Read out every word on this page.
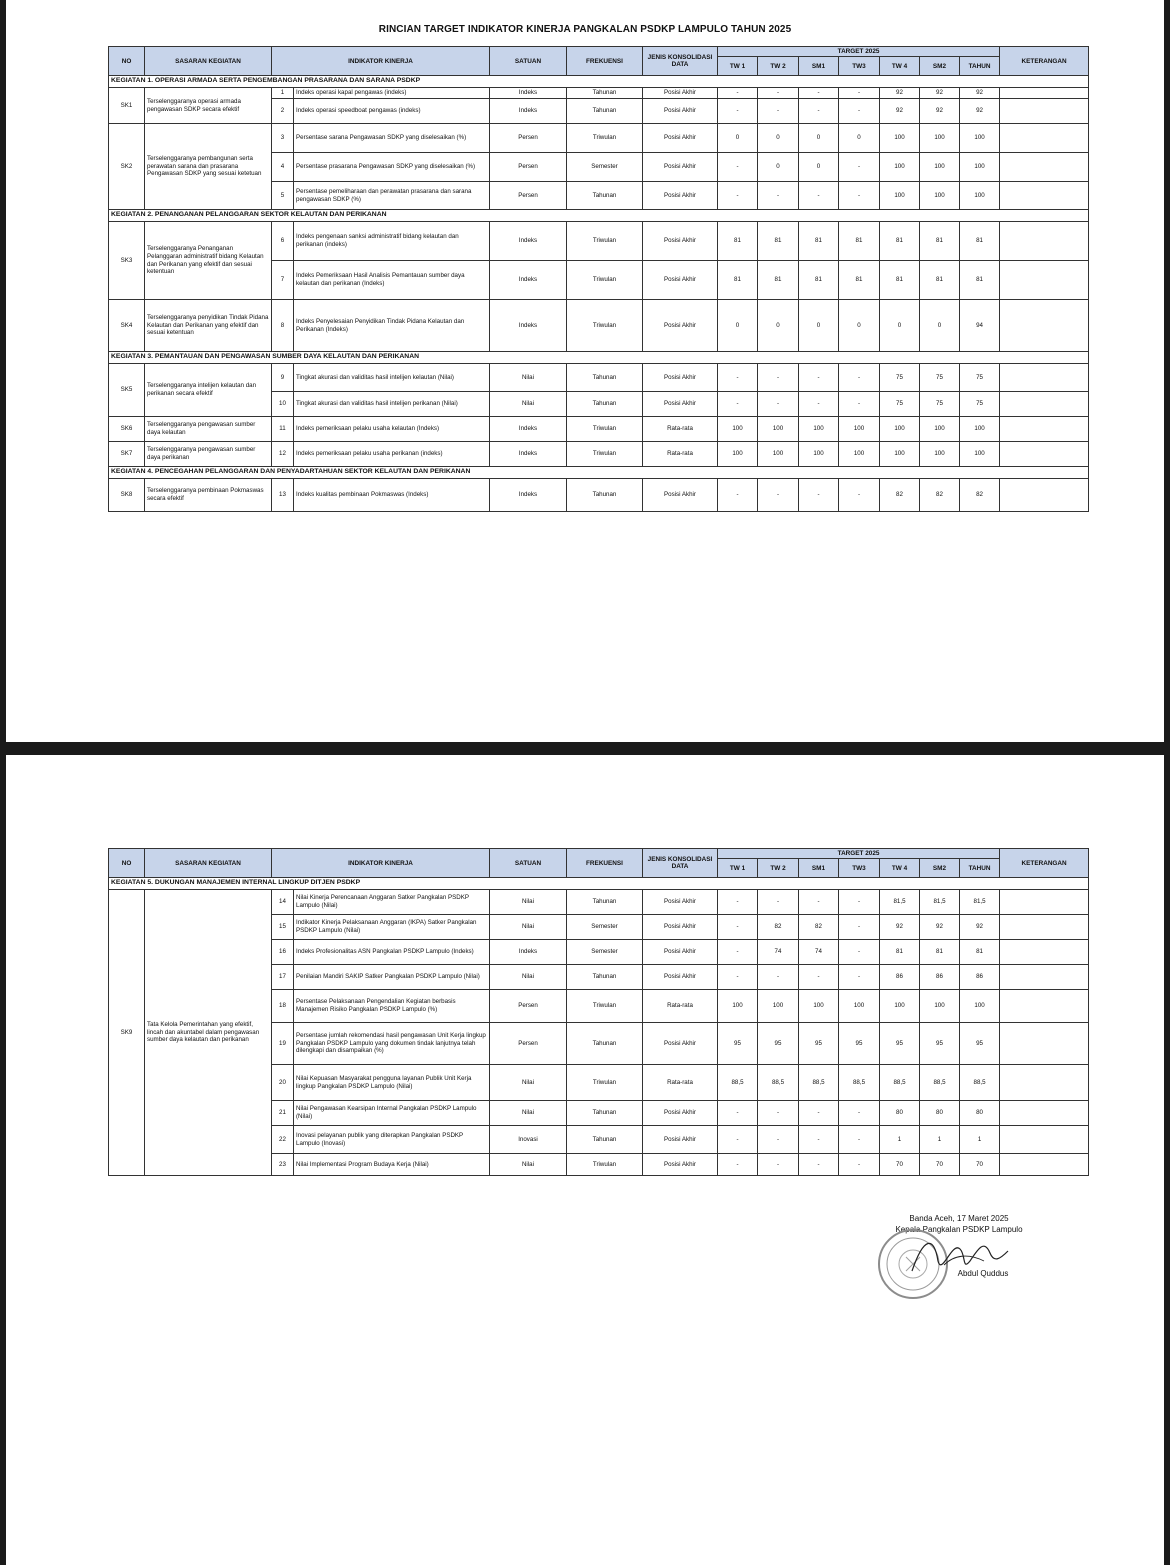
RINCIAN TARGET INDIKATOR KINERJA PANGKALAN PSDKP LAMPULO TAHUN 2025
NO	SASARAN KEGIATAN	INDIKATOR KINERJA		SATUAN	FREKUENSI	JENIS KONSOLIDASI DATA	TARGET 2025							KETERANGAN
							TW 1	TW 2	SM1	TW3	TW 4	SM2	TAHUN	
KEGIATAN 1. OPERASI ARMADA SERTA PENGEMBANGAN PRASARANA DAN SARANA PSDKP														
SK1	Terselenggaranya operasi armada pengawasan SDKP secara efektif	1	Indeks operasi kapal pengawas (indeks)	Indeks	Tahunan	Posisi Akhir	-	-	-	-	92	92	92	
		2	Indeks operasi speedboat pengawas (indeks)	Indeks	Tahunan	Posisi Akhir	-	-	-	-	92	92	92	
SK2	Terselenggaranya pembangunan serta perawatan sarana dan prasarana Pengawasan SDKP yang sesuai ketetuan	3	Persentase sarana Pengawasan SDKP yang diselesaikan (%)	Persen	Triwulan	Posisi Akhir	0	0	0	0	100	100	100	
		4	Persentase prasarana Pengawasan SDKP yang diselesaikan (%)	Persen	Semester	Posisi Akhir	-	0	0	-	100	100	100	
		5	Persentase pemeliharaan dan perawatan prasarana dan sarana pengawasan SDKP (%)	Persen	Tahunan	Posisi Akhir	-	-	-	-	100	100	100	
KEGIATAN 2. PENANGANAN PELANGGARAN SEKTOR KELAUTAN DAN PERIKANAN														
SK3	Terselenggaranya Penanganan Pelanggaran administratif bidang Kelautan dan Perikanan yang efektif dan sesuai ketentuan	6	Indeks pengenaan sanksi administratif bidang kelautan dan perikanan (indeks)	Indeks	Triwulan	Posisi Akhir	81	81	81	81	81	81	81	
		7	Indeks Pemeriksaan Hasil Analisis Pemantauan sumber daya kelautan dan perikanan (Indeks)	Indeks	Triwulan	Posisi Akhir	81	81	81	81	81	81	81	
SK4	Terselenggaranya penyidikan Tindak Pidana Kelautan dan Perikanan yang efektif dan sesuai ketentuan	8	Indeks Penyelesaian Penyidikan Tindak Pidana Kelautan dan Perikanan (Indeks)	Indeks	Triwulan	Posisi Akhir	0	0	0	0	0	0	94	
KEGIATAN 3. PEMANTAUAN DAN PENGAWASAN SUMBER DAYA KELAUTAN DAN PERIKANAN														
SK5	Terselenggaranya intelijen kelautan dan perikanan secara efektif	9	Tingkat akurasi dan validitas hasil intelijen kelautan (Nilai)	Nilai	Tahunan	Posisi Akhir	-	-	-	-	75	75	75	
		10	Tingkat akurasi dan validitas hasil intelijen perikanan (Nilai)	Nilai	Tahunan	Posisi Akhir	-	-	-	-	75	75	75	
SK6	Terselenggaranya pengawasan sumber daya kelautan	11	Indeks pemeriksaan pelaku usaha kelautan (Indeks)	Indeks	Triwulan	Rata-rata	100	100	100	100	100	100	100	
SK7	Terselenggaranya pengawasan sumber daya perikanan	12	Indeks pemeriksaan pelaku usaha perikanan (indeks)	Indeks	Triwulan	Rata-rata	100	100	100	100	100	100	100	
KEGIATAN 4. PENCEGAHAN PELANGGARAN DAN PENYADARTAHUAN SEKTOR KELAUTAN DAN PERIKANAN														
SK8	Terselenggaranya pembinaan Pokmaswas secara efektif	13	Indeks kualitas pembinaan Pokmaswas (Indeks)	Indeks	Tahunan	Posisi Akhir	-	-	-	-	82	82	82	
NO	SASARAN KEGIATAN	INDIKATOR KINERJA		SATUAN	FREKUENSI	JENIS KONSOLIDASI DATA	TARGET 2025							KETERANGAN
							TW 1	TW 2	SM1	TW3	TW 4	SM2	TAHUN	
KEGIATAN 5. DUKUNGAN MANAJEMEN INTERNAL LINGKUP DITJEN PSDKP														
SK9	Tata Kelola Pemerintahan yang efektif, lincah dan akuntabel dalam pengawasan sumber daya kelautan dan perikanan	14	Nilai Kinerja Perencanaan Anggaran Satker Pangkalan PSDKP Lampulo (Nilai)	Nilai	Tahunan	Posisi Akhir	-	-	-	-	81,5	81,5	81,5	
		15	Indikator Kinerja Pelaksanaan Anggaran (IKPA) Satker Pangkalan PSDKP Lampulo (Nilai)	Nilai	Semester	Posisi Akhir	-	82	82	-	92	92	92	
		16	Indeks Profesionalitas ASN Pangkalan PSDKP Lampulo (Indeks)	Indeks	Semester	Posisi Akhir	-	74	74	-	81	81	81	
		17	Penilaian Mandiri SAKIP Satker Pangkalan PSDKP Lampulo (Nilai)	Nilai	Tahunan	Posisi Akhir	-	-	-	-	86	86	86	
		18	Persentase Pelaksanaan Pengendalian Kegiatan berbasis Manajemen Risiko Pangkalan PSDKP Lampulo (%)	Persen	Triwulan	Rata-rata	100	100	100	100	100	100	100	
		19	Persentase jumlah rekomendasi hasil pengawasan Unit Kerja lingkup Pangkalan PSDKP Lampulo yang dokumen tindak lanjutnya telah dilengkapi dan disampaikan (%)	Persen	Tahunan	Posisi Akhir	95	95	95	95	95	95	95	
		20	Nilai Kepuasan Masyarakat pengguna layanan Publik Unit Kerja lingkup Pangkalan PSDKP Lampulo (Nilai)	Nilai	Triwulan	Rata-rata	88,5	88,5	88,5	88,5	88,5	88,5	88,5	
		21	Nilai Pengawasan Kearsipan Internal Pangkalan PSDKP Lampulo (Nilai)	Nilai	Tahunan	Posisi Akhir	-	-	-	-	80	80	80	
		22	Inovasi pelayanan publik yang diterapkan Pangkalan PSDKP Lampulo (Inovasi)	Inovasi	Tahunan	Posisi Akhir	-	-	-	-	1	1	1	
		23	Nilai Implementasi Program Budaya Kerja (Nilai)	Nilai	Triwulan	Posisi Akhir	-	-	-	-	70	70	70	
Banda Aceh, 17 Maret 2025
Kepala Pangkalan PSDKP Lampulo
Abdul Quddus
